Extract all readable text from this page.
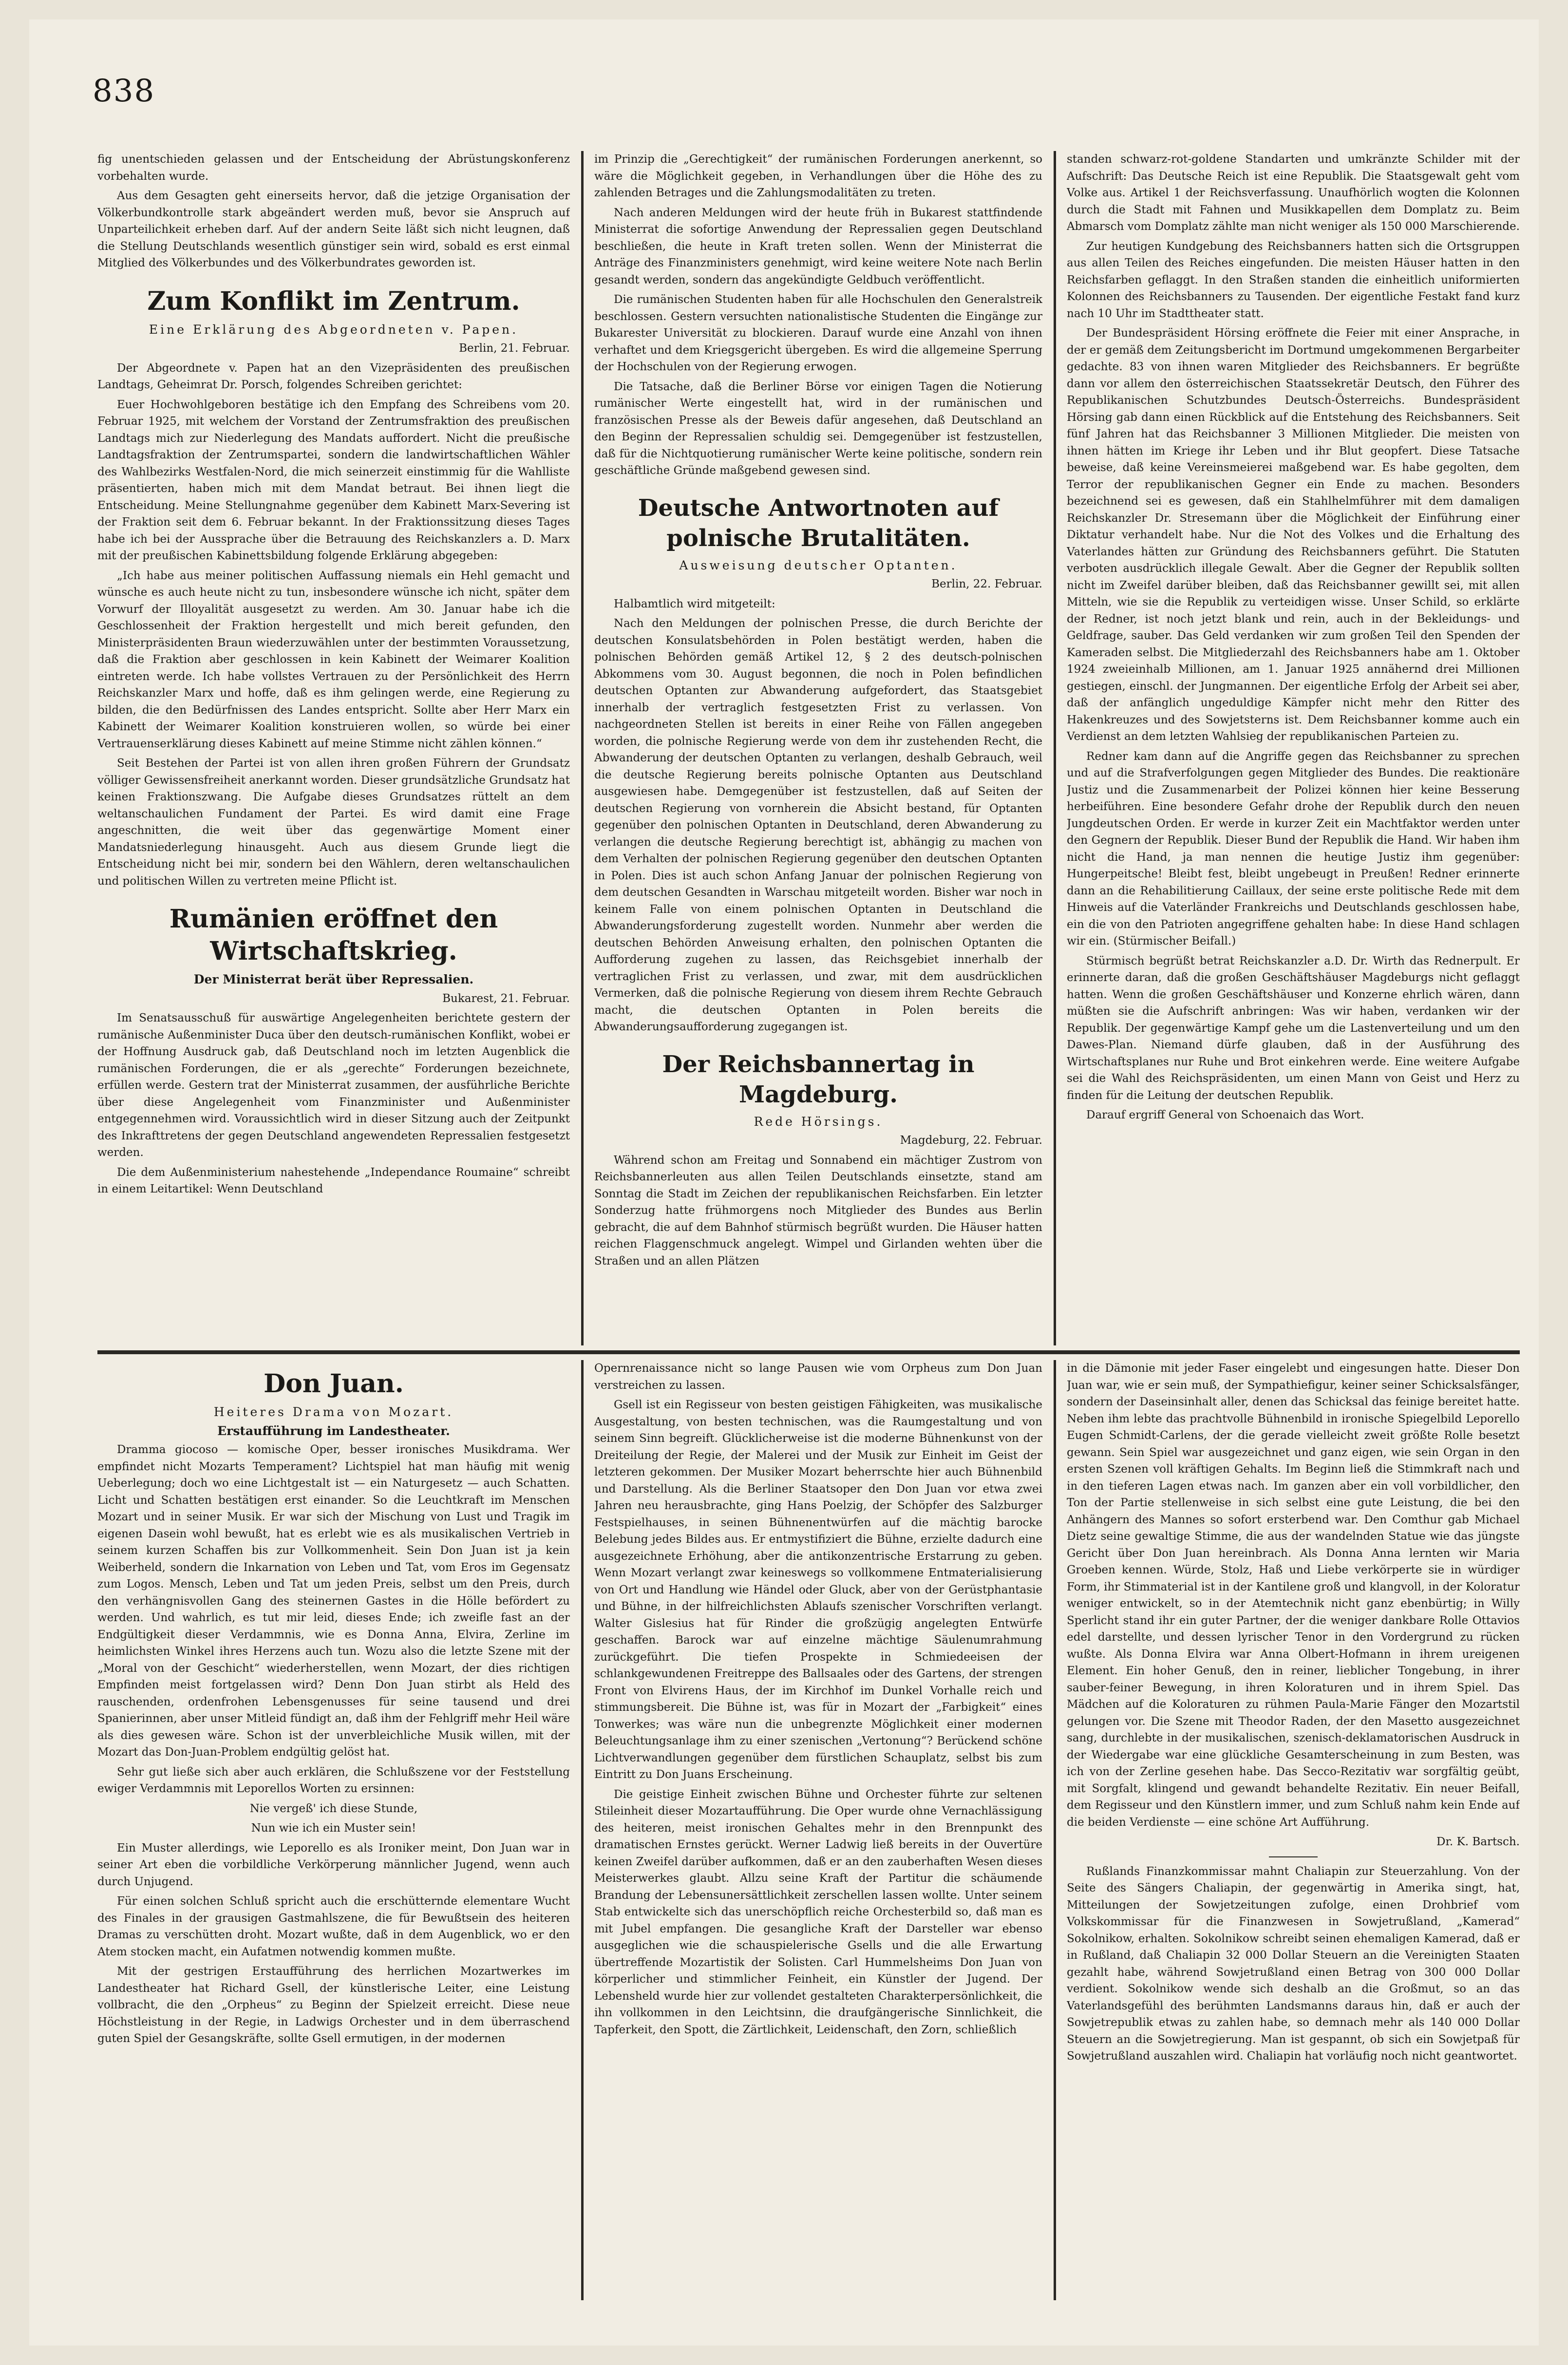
838

fig unentschieden gelassen und der Entscheidung der Abrüstungskonferenz vorbehalten wurde.

Aus dem Gesagten geht einerseits hervor, daß die jetzige Organisation der Völkerbundkontrolle stark abgeändert werden muß, bevor sie Anspruch auf Unparteilichkeit erheben darf. Auf der andern Seite läßt sich nicht leugnen, daß die Stellung Deutschlands wesentlich günstiger sein wird, sobald es erst einmal Mitglied des Völkerbundes und des Völkerbundrates geworden ist.

Zum Konflikt im Zentrum.
Eine Erklärung des Abgeordneten v. Papen.
Berlin, 21. Februar.

Der Abgeordnete v. Papen hat an den Vizepräsidenten des preußischen Landtags, Geheimrat Dr. Porsch, folgendes Schreiben gerichtet:

Euer Hochwohlgeboren bestätige ich den Empfang des Schreibens vom 20. Februar 1925, mit welchem der Vorstand der Zentrumsfraktion des preußischen Landtags mich zur Niederlegung des Mandats auffordert. Nicht die preußische Landtagsfraktion der Zentrumspartei, sondern die landwirtschaftlichen Wähler des Wahlbezirks Westfalen-Nord, die mich seinerzeit einstimmig für die Wahlliste präsentierten, haben mich mit dem Mandat betraut. Bei ihnen liegt die Entscheidung. Meine Stellungnahme gegenüber dem Kabinett Marx-Severing ist der Fraktion seit dem 6. Februar bekannt. In der Fraktionssitzung dieses Tages habe ich bei der Aussprache über die Betrauung des Reichskanzlers a. D. Marx mit der preußischen Kabinettsbildung folgende Erklärung abgegeben:

„Ich habe aus meiner politischen Auffassung niemals ein Hehl gemacht und wünsche es auch heute nicht zu tun, insbesondere wünsche ich nicht, später dem Vorwurf der Illoyalität ausgesetzt zu werden. Am 30. Januar habe ich die Geschlossenheit der Fraktion hergestellt und mich bereit gefunden, den Ministerpräsidenten Braun wiederzuwählen unter der bestimmten Voraussetzung, daß die Fraktion aber geschlossen in kein Kabinett der Weimarer Koalition eintreten werde. Ich habe vollstes Vertrauen zu der Persönlichkeit des Herrn Reichskanzler Marx und hoffe, daß es ihm gelingen werde, eine Regierung zu bilden, die den Bedürfnissen des Landes entspricht. Sollte aber Herr Marx ein Kabinett der Weimarer Koalition konstruieren wollen, so würde bei einer Vertrauenserklärung dieses Kabinett auf meine Stimme nicht zählen können.“

Seit Bestehen der Partei ist von allen ihren großen Führern der Grundsatz völliger Gewissensfreiheit anerkannt worden. Dieser grundsätzliche Grundsatz hat keinen Fraktionszwang. Die Aufgabe dieses Grundsatzes rüttelt an dem weltanschaulichen Fundament der Partei. Es wird damit eine Frage angeschnitten, die weit über das gegenwärtige Moment einer Mandatsniederlegung hinausgeht. Auch aus diesem Grunde liegt die Entscheidung nicht bei mir, sondern bei den Wählern, deren weltanschaulichen und politischen Willen zu vertreten meine Pflicht ist.

Rumänien eröffnet den Wirtschaftskrieg.
Der Ministerrat berät über Repressalien.
Bukarest, 21. Februar.

Im Senatsausschuß für auswärtige Angelegenheiten berichtete gestern der rumänische Außenminister Duca über den deutsch-rumänischen Konflikt, wobei er der Hoffnung Ausdruck gab, daß Deutschland noch im letzten Augenblick die rumänischen Forderungen, die er als „gerechte“ Forderungen bezeichnete, erfüllen werde. Gestern trat der Ministerrat zusammen, der ausführliche Berichte über diese Angelegenheit vom Finanzminister und Außenminister entgegennehmen wird. Voraussichtlich wird in dieser Sitzung auch der Zeitpunkt des Inkrafttretens der gegen Deutschland angewendeten Repressalien festgesetzt werden.

Die dem Außenministerium nahestehende „Independance Roumaine“ schreibt in einem Leitartikel: Wenn Deutschland

im Prinzip die „Gerechtigkeit“ der rumänischen Forderungen anerkennt, so wäre die Möglichkeit gegeben, in Verhandlungen über die Höhe des zu zahlenden Betrages und die Zahlungsmodalitäten zu treten.

Nach anderen Meldungen wird der heute früh in Bukarest stattfindende Ministerrat die sofortige Anwendung der Repressalien gegen Deutschland beschließen, die heute in Kraft treten sollen. Wenn der Ministerrat die Anträge des Finanzministers genehmigt, wird keine weitere Note nach Berlin gesandt werden, sondern das angekündigte Geldbuch veröffentlicht.

Die rumänischen Studenten haben für alle Hochschulen den Generalstreik beschlossen. Gestern versuchten nationalistische Studenten die Eingänge zur Bukarester Universität zu blockieren. Darauf wurde eine Anzahl von ihnen verhaftet und dem Kriegsgericht übergeben. Es wird die allgemeine Sperrung der Hochschulen von der Regierung erwogen.

Die Tatsache, daß die Berliner Börse vor einigen Tagen die Notierung rumänischer Werte eingestellt hat, wird in der rumänischen und französischen Presse als der Beweis dafür angesehen, daß Deutschland an den Beginn der Repressalien schuldig sei. Demgegenüber ist festzustellen, daß für die Nichtquotierung rumänischer Werte keine politische, sondern rein geschäftliche Gründe maßgebend gewesen sind.

Deutsche Antwortnoten auf polnische Brutalitäten.
Ausweisung deutscher Optanten.
Berlin, 22. Februar.

Halbamtlich wird mitgeteilt:

Nach den Meldungen der polnischen Presse, die durch Berichte der deutschen Konsulatsbehörden in Polen bestätigt werden, haben die polnischen Behörden gemäß Artikel 12, § 2 des deutsch-polnischen Abkommens vom 30. August begonnen, die noch in Polen befindlichen deutschen Optanten zur Abwanderung aufgefordert, das Staatsgebiet innerhalb der vertraglich festgesetzten Frist zu verlassen. Von nachgeordneten Stellen ist bereits in einer Reihe von Fällen angegeben worden, die polnische Regierung werde von dem ihr zustehenden Recht, die Abwanderung der deutschen Optanten zu verlangen, deshalb Gebrauch, weil die deutsche Regierung bereits polnische Optanten aus Deutschland ausgewiesen habe. Demgegenüber ist festzustellen, daß auf Seiten der deutschen Regierung von vornherein die Absicht bestand, für Optanten gegenüber den polnischen Optanten in Deutschland, deren Abwanderung zu verlangen die deutsche Regierung berechtigt ist, abhängig zu machen von dem Verhalten der polnischen Regierung gegenüber den deutschen Optanten in Polen. Dies ist auch schon Anfang Januar der polnischen Regierung von dem deutschen Gesandten in Warschau mitgeteilt worden. Bisher war noch in keinem Falle von einem polnischen Optanten in Deutschland die Abwanderungsforderung zugestellt worden. Nunmehr aber werden die deutschen Behörden Anweisung erhalten, den polnischen Optanten die Aufforderung zugehen zu lassen, das Reichsgebiet innerhalb der vertraglichen Frist zu verlassen, und zwar, mit dem ausdrücklichen Vermerken, daß die polnische Regierung von diesem ihrem Rechte Gebrauch macht, die deutschen Optanten in Polen bereits die Abwanderungsaufforderung zugegangen ist.

Der Reichsbannertag in Magdeburg.
Rede Hörsings.
Magdeburg, 22. Februar.

Während schon am Freitag und Sonnabend ein mächtiger Zustrom von Reichsbannerleuten aus allen Teilen Deutschlands einsetzte, stand am Sonntag die Stadt im Zeichen der republikanischen Reichsfarben. Ein letzter Sonderzug hatte frühmorgens noch Mitglieder des Bundes aus Berlin gebracht, die auf dem Bahnhof stürmisch begrüßt wurden. Die Häuser hatten reichen Flaggenschmuck angelegt. Wimpel und Girlanden wehten über die Straßen und an allen Plätzen

standen schwarz-rot-goldene Standarten und umkränzte Schilder mit der Aufschrift: Das Deutsche Reich ist eine Republik. Die Staatsgewalt geht vom Volke aus. Artikel 1 der Reichsverfassung. Unaufhörlich wogten die Kolonnen durch die Stadt mit Fahnen und Musikkapellen dem Domplatz zu. Beim Abmarsch vom Domplatz zählte man nicht weniger als 150 000 Marschierende.

Zur heutigen Kundgebung des Reichsbanners hatten sich die Ortsgruppen aus allen Teilen des Reiches eingefunden. Die meisten Häuser hatten in den Reichsfarben geflaggt. In den Straßen standen die einheitlich uniformierten Kolonnen des Reichsbanners zu Tausenden. Der eigentliche Festakt fand kurz nach 10 Uhr im Stadttheater statt.

Der Bundespräsident Hörsing eröffnete die Feier mit einer Ansprache, in der er gemäß dem Zeitungsbericht im Dortmund umgekommenen Bergarbeiter gedachte. 83 von ihnen waren Mitglieder des Reichsbanners. Er begrüßte dann vor allem den österreichischen Staatssekretär Deutsch, den Führer des Republikanischen Schutzbundes Deutsch-Österreichs. Bundespräsident Hörsing gab dann einen Rückblick auf die Entstehung des Reichsbanners. Seit fünf Jahren hat das Reichsbanner 3 Millionen Mitglieder. Die meisten von ihnen hätten im Kriege ihr Leben und ihr Blut geopfert. Diese Tatsache beweise, daß keine Vereinsmeierei maßgebend war. Es habe gegolten, dem Terror der republikanischen Gegner ein Ende zu machen. Besonders bezeichnend sei es gewesen, daß ein Stahlhelmführer mit dem damaligen Reichskanzler Dr. Stresemann über die Möglichkeit der Einführung einer Diktatur verhandelt habe. Nur die Not des Volkes und die Erhaltung des Vaterlandes hätten zur Gründung des Reichsbanners geführt. Die Statuten verboten ausdrücklich illegale Gewalt. Aber die Gegner der Republik sollten nicht im Zweifel darüber bleiben, daß das Reichsbanner gewillt sei, mit allen Mitteln, wie sie die Republik zu verteidigen wisse. Unser Schild, so erklärte der Redner, ist noch jetzt blank und rein, auch in der Bekleidungs- und Geldfrage, sauber. Das Geld verdanken wir zum großen Teil den Spenden der Kameraden selbst. Die Mitgliederzahl des Reichsbanners habe am 1. Oktober 1924 zweieinhalb Millionen, am 1. Januar 1925 annähernd drei Millionen gestiegen, einschl. der Jungmannen. Der eigentliche Erfolg der Arbeit sei aber, daß der anfänglich ungeduldige Kämpfer nicht mehr den Ritter des Hakenkreuzes und des Sowjetsterns ist. Dem Reichsbanner komme auch ein Verdienst an dem letzten Wahlsieg der republikanischen Parteien zu.

Redner kam dann auf die Angriffe gegen das Reichsbanner zu sprechen und auf die Strafverfolgungen gegen Mitglieder des Bundes. Die reaktionäre Justiz und die Zusammenarbeit der Polizei können hier keine Besserung herbeiführen. Eine besondere Gefahr drohe der Republik durch den neuen Jungdeutschen Orden. Er werde in kurzer Zeit ein Machtfaktor werden unter den Gegnern der Republik. Dieser Bund der Republik die Hand. Wir haben ihm nicht die Hand, ja man nennen die heutige Justiz ihm gegenüber: Hungerpeitsche! Bleibt fest, bleibt ungebeugt in Preußen! Redner erinnerte dann an die Rehabilitierung Caillaux, der seine erste politische Rede mit dem Hinweis auf die Vaterländer Frankreichs und Deutschlands geschlossen habe, ein die von den Patrioten angegriffene gehalten habe: In diese Hand schlagen wir ein. (Stürmischer Beifall.)

Stürmisch begrüßt betrat Reichskanzler a.D. Dr. Wirth das Rednerpult. Er erinnerte daran, daß die großen Geschäftshäuser Magdeburgs nicht geflaggt hatten. Wenn die großen Geschäftshäuser und Konzerne ehrlich wären, dann müßten sie die Aufschrift anbringen: Was wir haben, verdanken wir der Republik. Der gegenwärtige Kampf gehe um die Lastenverteilung und um den Dawes-Plan. Niemand dürfe glauben, daß in der Ausführung des Wirtschaftsplanes nur Ruhe und Brot einkehren werde. Eine weitere Aufgabe sei die Wahl des Reichspräsidenten, um einen Mann von Geist und Herz zu finden für die Leitung der deutschen Republik.

Darauf ergriff General von Schoenaich das Wort.

Don Juan.
Heiteres Drama von Mozart.
Erstaufführung im Landestheater.

Dramma giocoso — komische Oper, besser ironisches Musikdrama. Wer empfindet nicht Mozarts Temperament? Lichtspiel hat man häufig mit wenig Ueberlegung; doch wo eine Lichtgestalt ist — ein Naturgesetz — auch Schatten. Licht und Schatten bestätigen erst einander. So die Leuchtkraft im Menschen Mozart und in seiner Musik. Er war sich der Mischung von Lust und Tragik im eigenen Dasein wohl bewußt, hat es erlebt wie es als musikalischen Vertrieb in seinem kurzen Schaffen bis zur Vollkommenheit. Sein Don Juan ist ja kein Weiberheld, sondern die Inkarnation von Leben und Tat, vom Eros im Gegensatz zum Logos. Mensch, Leben und Tat um jeden Preis, selbst um den Preis, durch den verhängnisvollen Gang des steinernen Gastes in die Hölle befördert zu werden. Und wahrlich, es tut mir leid, dieses Ende; ich zweifle fast an der Endgültigkeit dieser Verdammnis, wie es Donna Anna, Elvira, Zerline im heimlichsten Winkel ihres Herzens auch tun. Wozu also die letzte Szene mit der „Moral von der Geschicht“ wiederherstellen, wenn Mozart, der dies richtigen Empfinden meist fortgelassen wird? Denn Don Juan stirbt als Held des rauschenden, ordenfrohen Lebensgenusses für seine tausend und drei Spanierinnen, aber unser Mitleid fündigt an, daß ihm der Fehlgriff mehr Heil wäre als dies gewesen wäre. Schon ist der unverbleichliche Musik willen, mit der Mozart das Don-Juan-Problem endgültig gelöst hat.

Sehr gut ließe sich aber auch erklären, die Schlußszene vor der Feststellung ewiger Verdammnis mit Leporellos Worten zu ersinnen:

Nie vergeß' ich diese Stunde,
Nun wie ich ein Muster sein!

Ein Muster allerdings, wie Leporello es als Ironiker meint, Don Juan war in seiner Art eben die vorbildliche Verkörperung männlicher Jugend, wenn auch durch Unjugend.

Für einen solchen Schluß spricht auch die erschütternde elementare Wucht des Finales in der grausigen Gastmahlszene, die für Bewußtsein des heiteren Dramas zu verschütten droht. Mozart wußte, daß in dem Augenblick, wo er den Atem stocken macht, ein Aufatmen notwendig kommen mußte.

Mit der gestrigen Erstaufführung des herrlichen Mozartwerkes im Landestheater hat Richard Gsell, der künstlerische Leiter, eine Leistung vollbracht, die den „Orpheus“ zu Beginn der Spielzeit erreicht. Diese neue Höchstleistung in der Regie, in Ladwigs Orchester und in dem überraschend guten Spiel der Gesangskräfte, sollte Gsell ermutigen, in der modernen

Opernrenaissance nicht so lange Pausen wie vom Orpheus zum Don Juan verstreichen zu lassen.

Gsell ist ein Regisseur von besten geistigen Fähigkeiten, was musikalische Ausgestaltung, von besten technischen, was die Raumgestaltung und von seinem Sinn begreift. Glücklicherweise ist die moderne Bühnenkunst von der Dreiteilung der Regie, der Malerei und der Musik zur Einheit im Geist der letzteren gekommen. Der Musiker Mozart beherrschte hier auch Bühnenbild und Darstellung. Als die Berliner Staatsoper den Don Juan vor etwa zwei Jahren neu herausbrachte, ging Hans Poelzig, der Schöpfer des Salzburger Festspielhauses, in seinen Bühnenentwürfen auf die mächtig barocke Belebung jedes Bildes aus. Er entmystifiziert die Bühne, erzielte dadurch eine ausgezeichnete Erhöhung, aber die antikonzentrische Erstarrung zu geben. Wenn Mozart verlangt zwar keineswegs so vollkommene Entmaterialisierung von Ort und Handlung wie Händel oder Gluck, aber von der Gerüstphantasie und Bühne, in der hilfreichlichsten Ablaufs szenischer Vorschriften verlangt. Walter Gislesius hat für Rinder die großzügig angelegten Entwürfe geschaffen. Barock war auf einzelne mächtige Säulenumrahmung zurückgeführt. Die tiefen Prospekte in Schmiedeeisen der schlankgewundenen Freitreppe des Ballsaales oder des Gartens, der strengen Front von Elvirens Haus, der im Kirchhof im Dunkel Vorhalle reich und stimmungsbereit. Die Bühne ist, was für in Mozart der „Farbigkeit“ eines Tonwerkes; was wäre nun die unbegrenzte Möglichkeit einer modernen Beleuchtungsanlage ihm zu einer szenischen „Vertonung“? Berückend schöne Lichtverwandlungen gegenüber dem fürstlichen Schauplatz, selbst bis zum Eintritt zu Don Juans Erscheinung.

Die geistige Einheit zwischen Bühne und Orchester führte zur seltenen Stileinheit dieser Mozartaufführung. Die Oper wurde ohne Vernachlässigung des heiteren, meist ironischen Gehaltes mehr in den Brennpunkt des dramatischen Ernstes gerückt. Werner Ladwig ließ bereits in der Ouvertüre keinen Zweifel darüber aufkommen, daß er an den zauberhaften Wesen dieses Meisterwerkes glaubt. Allzu seine Kraft der Partitur die schäumende Brandung der Lebensunersättlichkeit zerschellen lassen wollte. Unter seinem Stab entwickelte sich das unerschöpflich reiche Orchesterbild so, daß man es mit Jubel empfangen. Die gesangliche Kraft der Darsteller war ebenso ausgeglichen wie die schauspielerische Gsells und die alle Erwartung übertreffende Mozartistik der Solisten. Carl Hummelsheims Don Juan von körperlicher und stimmlicher Feinheit, ein Künstler der Jugend. Der Lebensheld wurde hier zur vollendet gestalteten Charakterpersönlichkeit, die ihn vollkommen in den Leichtsinn, die draufgängerische Sinnlichkeit, die Tapferkeit, den Spott, die Zärtlichkeit, Leidenschaft, den Zorn, schließlich

in die Dämonie mit jeder Faser eingelebt und eingesungen hatte. Dieser Don Juan war, wie er sein muß, der Sympathiefigur, keiner seiner Schicksalsfänger, sondern der Daseinsinhalt aller, denen das Schicksal das feinige bereitet hatte. Neben ihm lebte das prachtvolle Bühnenbild in ironische Spiegelbild Leporello Eugen Schmidt-Carlens, der die gerade vielleicht zweit größte Rolle besetzt gewann. Sein Spiel war ausgezeichnet und ganz eigen, wie sein Organ in den ersten Szenen voll kräftigen Gehalts. Im Beginn ließ die Stimmkraft nach und in den tieferen Lagen etwas nach. Im ganzen aber ein voll vorbildlicher, den Ton der Partie stellenweise in sich selbst eine gute Leistung, die bei den Anhängern des Mannes so sofort ersterbend war. Den Comthur gab Michael Dietz seine gewaltige Stimme, die aus der wandelnden Statue wie das jüngste Gericht über Don Juan hereinbrach. Als Donna Anna lernten wir Maria Groeben kennen. Würde, Stolz, Haß und Liebe verkörperte sie in würdiger Form, ihr Stimmaterial ist in der Kantilene groß und klangvoll, in der Koloratur weniger entwickelt, so in der Atemtechnik nicht ganz ebenbürtig; in Willy Sperlicht stand ihr ein guter Partner, der die weniger dankbare Rolle Ottavios edel darstellte, und dessen lyrischer Tenor in den Vordergrund zu rücken wußte. Als Donna Elvira war Anna Olbert-Hofmann in ihrem ureigenen Element. Ein hoher Genuß, den in reiner, lieblicher Tongebung, in ihrer sauber-feiner Bewegung, in ihren Koloraturen und in ihrem Spiel. Das Mädchen auf die Koloraturen zu rühmen Paula-Marie Fänger den Mozartstil gelungen vor. Die Szene mit Theodor Raden, der den Masetto ausgezeichnet sang, durchlebte in der musikalischen, szenisch-deklamatorischen Ausdruck in der Wiedergabe war eine glückliche Gesamterscheinung in zum Besten, was ich von der Zerline gesehen habe. Das Secco-Rezitativ war sorgfältig geübt, mit Sorgfalt, klingend und gewandt behandelte Rezitativ. Ein neuer Beifall, dem Regisseur und den Künstlern immer, und zum Schluß nahm kein Ende auf die beiden Verdienste — eine schöne Art Aufführung.

Dr. K. Bartsch.

Rußlands Finanzkommissar mahnt Chaliapin zur Steuerzahlung. Von der Seite des Sängers Chaliapin, der gegenwärtig in Amerika singt, hat, Mitteilungen der Sowjetzeitungen zufolge, einen Drohbrief vom Volkskommissar für die Finanzwesen in Sowjetrußland, „Kamerad“ Sokolnikow, erhalten. Sokolnikow schreibt seinen ehemaligen Kamerad, daß er in Rußland, daß Chaliapin 32 000 Dollar Steuern an die Vereinigten Staaten gezahlt habe, während Sowjetrußland einen Betrag von 300 000 Dollar verdient. Sokolnikow wende sich deshalb an die Großmut, so an das Vaterlandsgefühl des berühmten Landsmanns daraus hin, daß er auch der Sowjetrepublik etwas zu zahlen habe, so demnach mehr als 140 000 Dollar Steuern an die Sowjetregierung. Man ist gespannt, ob sich ein Sowjetpaß für Sowjetrußland auszahlen wird. Chaliapin hat vorläufig noch nicht geantwortet.
